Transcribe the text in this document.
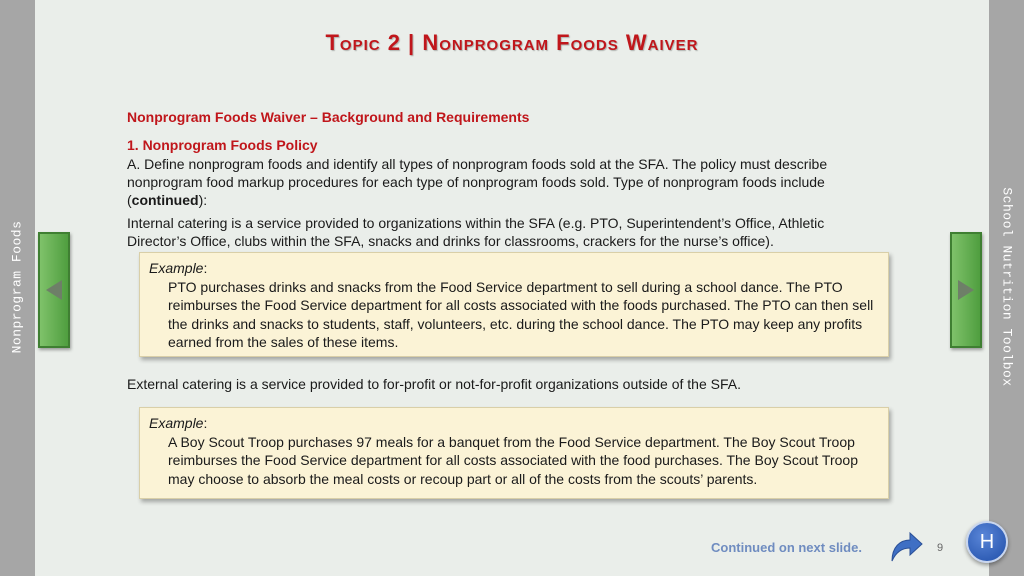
Nonprogram Foods	School Nutrition Toolbox
Topic 2 | Nonprogram Foods Waiver
Nonprogram Foods Waiver – Background and Requirements
1. Nonprogram Foods Policy
A. Define nonprogram foods and identify all types of nonprogram foods sold at the SFA. The policy must describe nonprogram food markup procedures for each type of nonprogram foods sold. Type of nonprogram foods include (continued):
Internal catering is a service provided to organizations within the SFA (e.g. PTO, Superintendent’s Office, Athletic Director’s Office, clubs within the SFA, snacks and drinks for classrooms, crackers for the nurse’s office).
Example:
PTO purchases drinks and snacks from the Food Service department to sell during a school dance. The PTO reimburses the Food Service department for all costs associated with the foods purchased. The PTO can then sell the drinks and snacks to students, staff, volunteers, etc. during the school dance. The PTO may keep any profits earned from the sales of these items.
External catering is a service provided to for-profit or not-for-profit organizations outside of the SFA.
Example:
A Boy Scout Troop purchases 97 meals for a banquet from the Food Service department. The Boy Scout Troop reimburses the Food Service department for all costs associated with the food purchases. The Boy Scout Troop may choose to absorb the meal costs or recoup part or all of the costs from the scouts’ parents.
Continued on next slide.	9	H
